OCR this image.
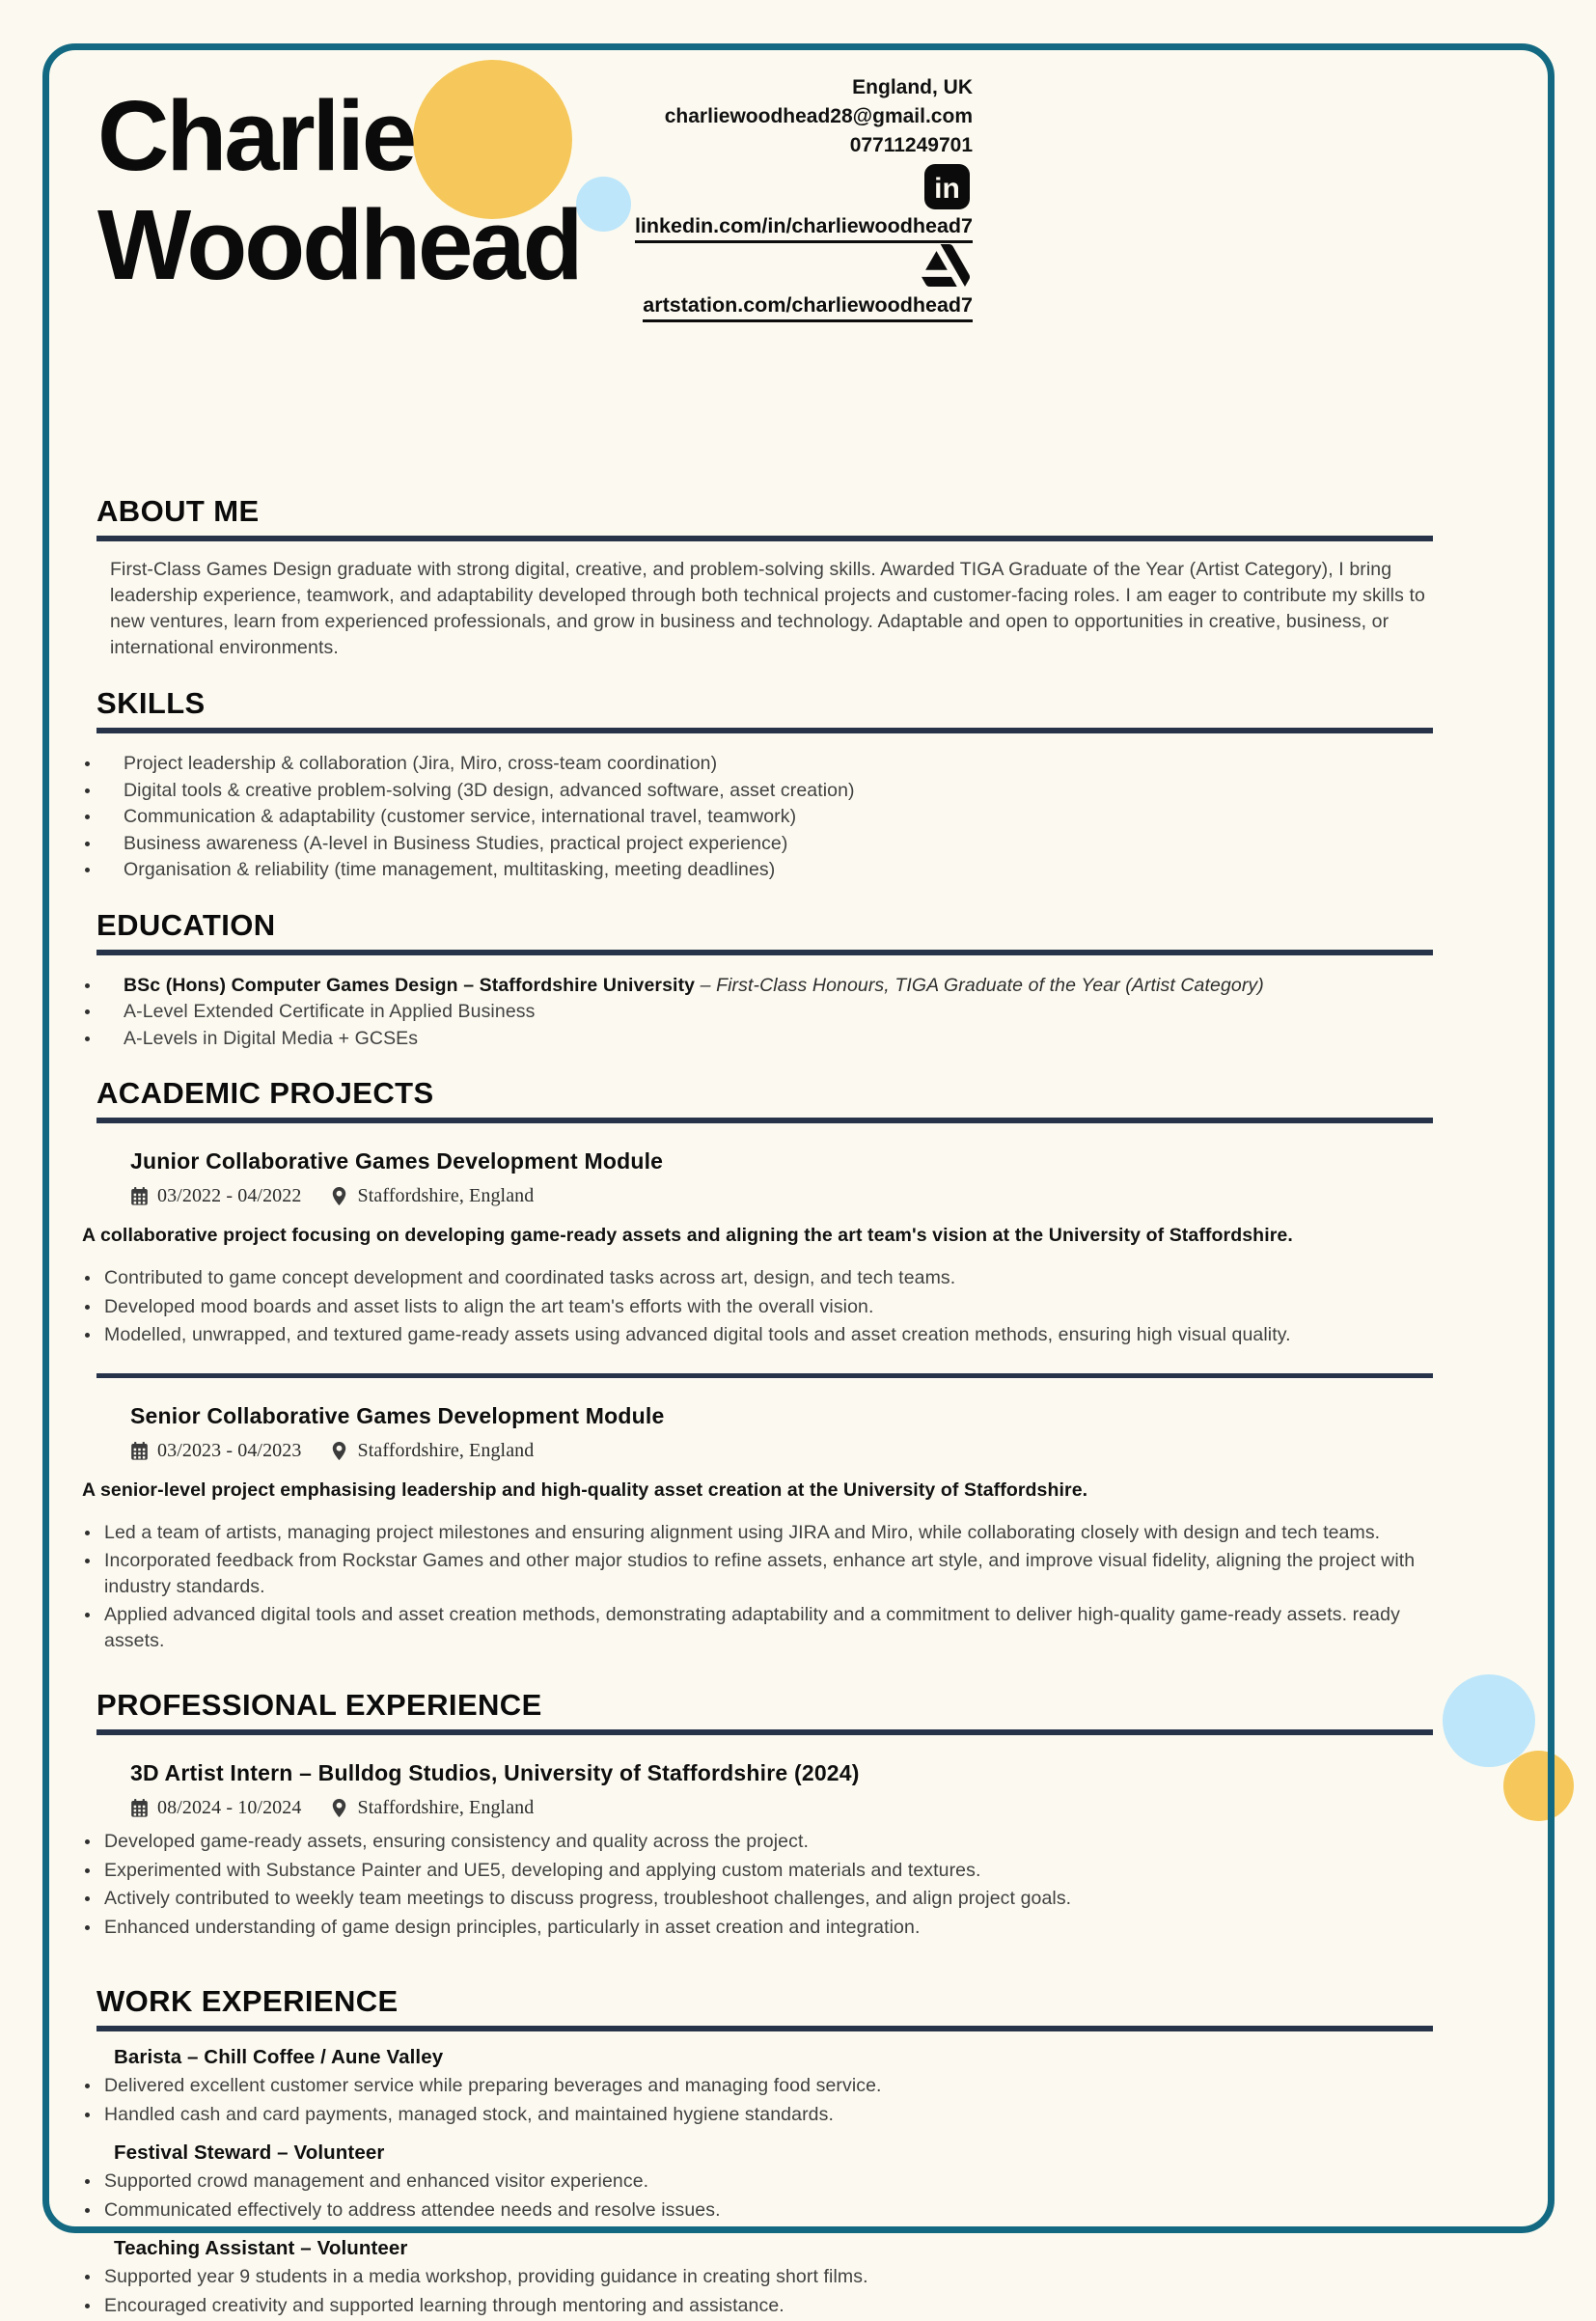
Charlie
Woodhead
England, UK
charliewoodhead28@gmail.com
07711249701
in
linkedin.com/in/charliewoodhead7
artstation.com/charliewoodhead7
ABOUT ME
First-Class Games Design graduate with strong digital, creative, and problem-solving skills. Awarded TIGA Graduate of the Year (Artist Category), I bring leadership experience, teamwork, and adaptability developed through both technical projects and customer-facing roles. I am eager to contribute my skills to new ventures, learn from experienced professionals, and grow in business and technology. Adaptable and open to opportunities in creative, business, or international environments.
SKILLS
Project leadership & collaboration (Jira, Miro, cross-team coordination)
Digital tools & creative problem-solving (3D design, advanced software, asset creation)
Communication & adaptability (customer service, international travel, teamwork)
Business awareness (A-level in Business Studies, practical project experience)
Organisation & reliability (time management, multitasking, meeting deadlines)
EDUCATION
BSc (Hons) Computer Games Design – Staffordshire University – First-Class Honours, TIGA Graduate of the Year (Artist Category)
A-Level Extended Certificate in Applied Business
A-Levels in Digital Media + GCSEs
ACADEMIC PROJECTS
Junior Collaborative Games Development Module
03/2022 - 04/2022	Staffordshire, England
A collaborative project focusing on developing game-ready assets and aligning the art team's vision at the University of Staffordshire.
Contributed to game concept development and coordinated tasks across art, design, and tech teams.
Developed mood boards and asset lists to align the art team's efforts with the overall vision.
Modelled, unwrapped, and textured game-ready assets using advanced digital tools and asset creation methods, ensuring high visual quality.
Senior Collaborative Games Development Module
03/2023 - 04/2023	Staffordshire, England
A senior-level project emphasising leadership and high-quality asset creation at the University of Staffordshire.
Led a team of artists, managing project milestones and ensuring alignment using JIRA and Miro, while collaborating closely with design and tech teams.
Incorporated feedback from Rockstar Games and other major studios to refine assets, enhance art style, and improve visual fidelity, aligning the project with industry standards.
Applied advanced digital tools and asset creation methods, demonstrating adaptability and a commitment to deliver high-quality game-ready assets. ready assets.
PROFESSIONAL EXPERIENCE
3D Artist Intern – Bulldog Studios, University of Staffordshire (2024)
08/2024 - 10/2024	Staffordshire, England
Developed game-ready assets, ensuring consistency and quality across the project.
Experimented with Substance Painter and UE5, developing and applying custom materials and textures.
Actively contributed to weekly team meetings to discuss progress, troubleshoot challenges, and align project goals.
Enhanced understanding of game design principles, particularly in asset creation and integration.
WORK EXPERIENCE
Barista – Chill Coffee / Aune Valley
Delivered excellent customer service while preparing beverages and managing food service.
Handled cash and card payments, managed stock, and maintained hygiene standards.
Festival Steward – Volunteer
Supported crowd management and enhanced visitor experience.
Communicated effectively to address attendee needs and resolve issues.
Teaching Assistant – Volunteer
Supported year 9 students in a media workshop, providing guidance in creating short films.
Encouraged creativity and supported learning through mentoring and assistance.
